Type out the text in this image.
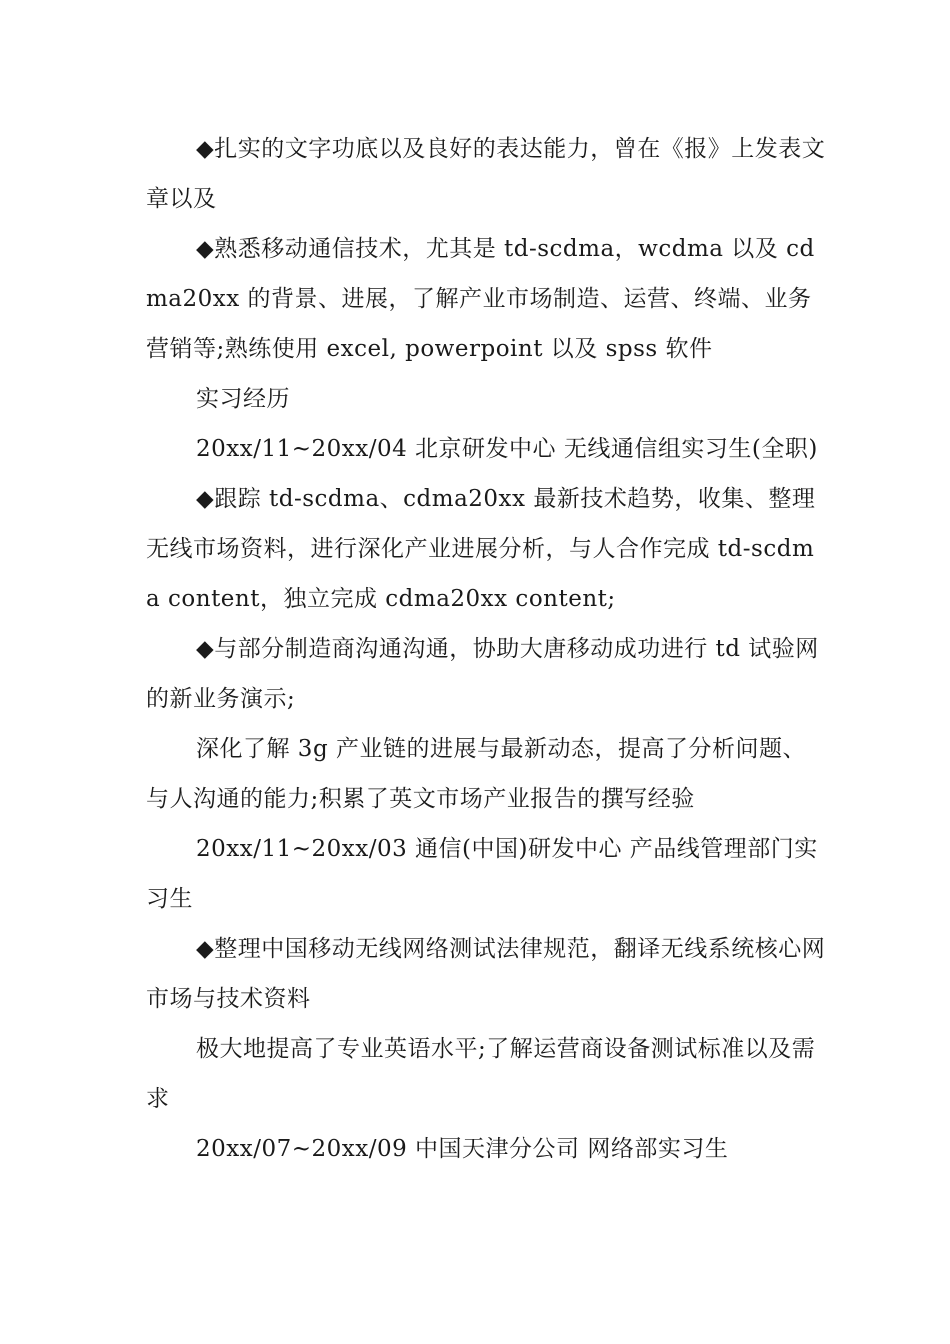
◆扎实的文字功底以及良好的表达能力，曾在《报》上发表文章以及

◆熟悉移动通信技术，尤其是 td-scdma，wcdma 以及 cdma20xx 的背景、进展，了解产业市场制造、运营、终端、业务营销等;熟练使用 excel, powerpoint 以及 spss 软件

实习经历

20xx/11~20xx/04 北京研发中心 无线通信组实习生(全职)

◆跟踪 td-scdma、cdma20xx 最新技术趋势，收集、整理无线市场资料，进行深化产业进展分析，与人合作完成 td-scdma content，独立完成 cdma20xx content;

◆与部分制造商沟通沟通，协助大唐移动成功进行 td 试验网的新业务演示;

深化了解 3g 产业链的进展与最新动态，提高了分析问题、与人沟通的能力;积累了英文市场产业报告的撰写经验

20xx/11~20xx/03 通信(中国)研发中心 产品线管理部门实习生

◆整理中国移动无线网络测试法律规范，翻译无线系统核心网市场与技术资料

极大地提高了专业英语水平;了解运营商设备测试标准以及需求

20xx/07~20xx/09 中国天津分公司 网络部实习生
